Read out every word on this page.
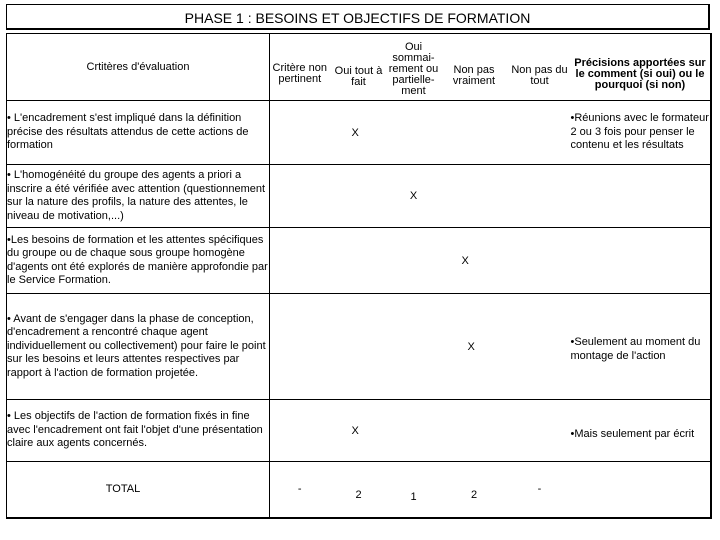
PHASE 1 : BESOINS ET OBJECTIFS DE FORMATION
Crtitères d'évaluation	Critère non pertinent	Oui tout à fait	Oui sommai-rement ou partielle-ment	Non pas vraiment	Non pas du tout	Précisions apportées sur le comment (si oui) ou le pourquoi (si non)
• L'encadrement s'est impliqué dans la définition précise des résultats attendus de cette actions de formation		X				•Réunions avec le formateur 2 ou 3 fois pour penser le contenu et les résultats
• L'homogénéité du groupe des agents a priori a inscrire a été vérifiée avec attention (questionnement sur la nature des profils, la nature des attentes, le niveau de motivation,...)			X			
•Les besoins de formation et les attentes spécifiques du groupe ou de chaque sous groupe homogène d'agents ont été explorés de manière approfondie par le Service Formation.				X		
• Avant de s'engager dans la phase de conception, d'encadrement a rencontré chaque agent individuellement ou collectivement) pour faire le point sur les besoins et leurs attentes respectives par rapport à l'action de formation projetée.				X		•Seulement au moment du montage de l'action
• Les objectifs de l'action de formation fixés in fine avec l'encadrement ont fait l'objet d'une présentation claire aux agents concernés.		X				•Mais seulement par écrit
TOTAL	-	2	1	2	-	
